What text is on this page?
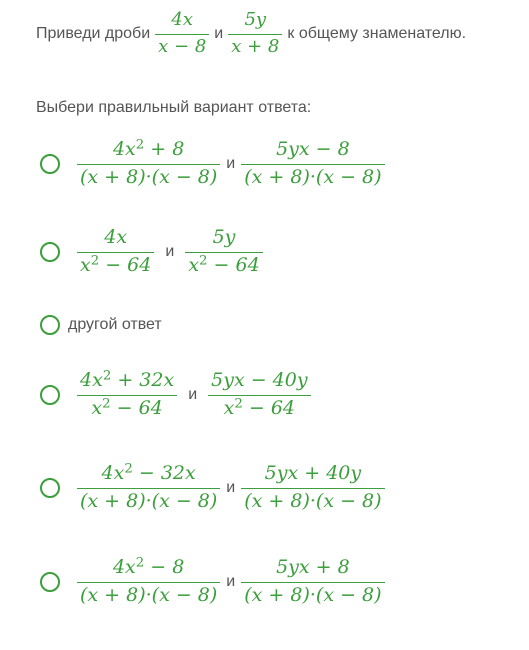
Приведи дроби $\frac{4x}{x - 8}$ и $\frac{5y}{x + 8}$ к общему знаменателю.
Выбери правильный вариант ответа:
$\frac{4x^2 + 8}{(x + 8)\cdot(x - 8)}$ и $\frac{5yx - 8}{(x + 8)\cdot(x - 8)}$
$\frac{4x}{x^2 - 64}$ и $\frac{5y}{x^2 - 64}$
другой ответ
$\frac{4x^2 + 32x}{x^2 - 64}$ и $\frac{5yx - 40y}{x^2 - 64}$
$\frac{4x^2 - 32x}{(x + 8)\cdot(x - 8)}$ и $\frac{5yx + 40y}{(x + 8)\cdot(x - 8)}$
$\frac{4x^2 - 8}{(x + 8)\cdot(x - 8)}$ и $\frac{5yx + 8}{(x + 8)\cdot(x - 8)}$
